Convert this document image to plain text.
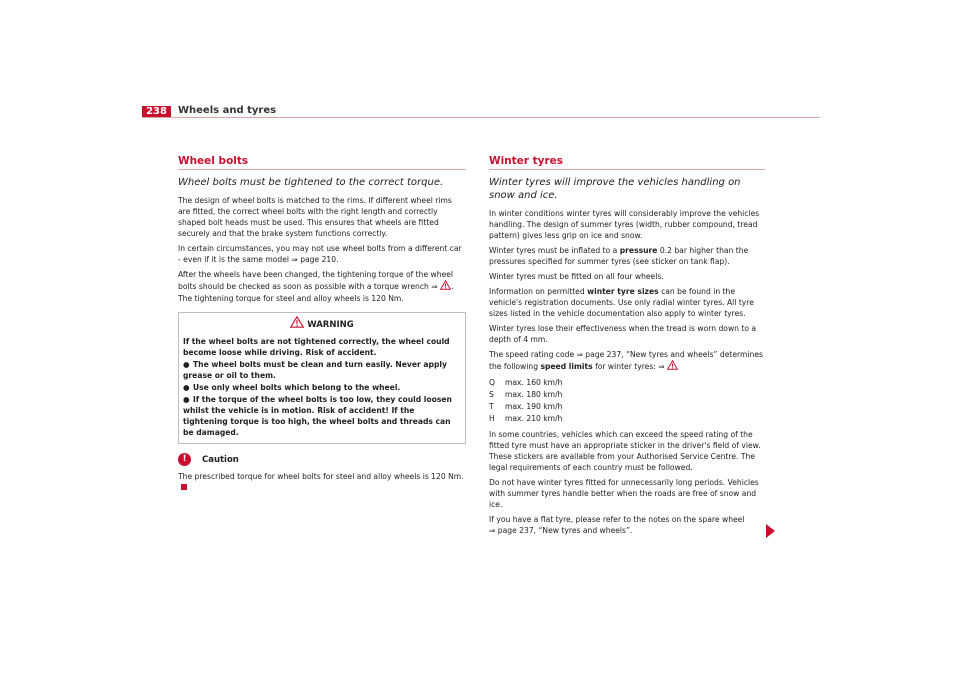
238	Wheels and tyres
Wheel bolts
Wheel bolts must be tightened to the correct torque.

The design of wheel bolts is matched to the rims. If different wheel rims are fitted, the correct wheel bolts with the right length and correctly shaped bolt heads must be used. This ensures that wheels are fitted securely and that the brake system functions correctly.

In certain circumstances, you may not use wheel bolts from a different car - even if it is the same model ⇒ page 210.

After the wheels have been changed, the tightening torque of the wheel bolts should be checked as soon as possible with a torque wrench ⇒ . The tightening torque for steel and alloy wheels is 120 Nm.

WARNING

If the wheel bolts are not tightened correctly, the wheel could become loose while driving. Risk of accident.

● The wheel bolts must be clean and turn easily. Never apply grease or oil to them.

● Use only wheel bolts which belong to the wheel.

● If the torque of the wheel bolts is too low, they could loosen whilst the vehicle is in motion. Risk of accident! If the tightening torque is too high, the wheel bolts and threads can be damaged.

! Caution

The prescribed torque for wheel bolts for steel and alloy wheels is 120 Nm.

Winter tyres
Winter tyres will improve the vehicles handling on snow and ice.

In winter conditions winter tyres will considerably improve the vehicles handling. The design of summer tyres (width, rubber compound, tread pattern) gives less grip on ice and snow.

Winter tyres must be inflated to a pressure 0.2 bar higher than the pressures specified for summer tyres (see sticker on tank flap).

Winter tyres must be fitted on all four wheels.

Information on permitted winter tyre sizes can be found in the vehicle's registration documents. Use only radial winter tyres. All tyre sizes listed in the vehicle documentation also apply to winter tyres.

Winter tyres lose their effectiveness when the tread is worn down to a depth of 4 mm.

The speed rating code ⇒ page 237, “New tyres and wheels” determines the following speed limits for winter tyres: ⇒

Q	max. 160 km/h
S	max. 180 km/h
T	max. 190 km/h
H	max. 210 km/h

In some countries, vehicles which can exceed the speed rating of the fitted tyre must have an appropriate sticker in the driver's field of view. These stickers are available from your Authorised Service Centre. The legal requirements of each country must be followed.

Do not have winter tyres fitted for unnecessarily long periods. Vehicles with summer tyres handle better when the roads are free of snow and ice.

If you have a flat tyre, please refer to the notes on the spare wheel
⇒ page 237, “New tyres and wheels”.
